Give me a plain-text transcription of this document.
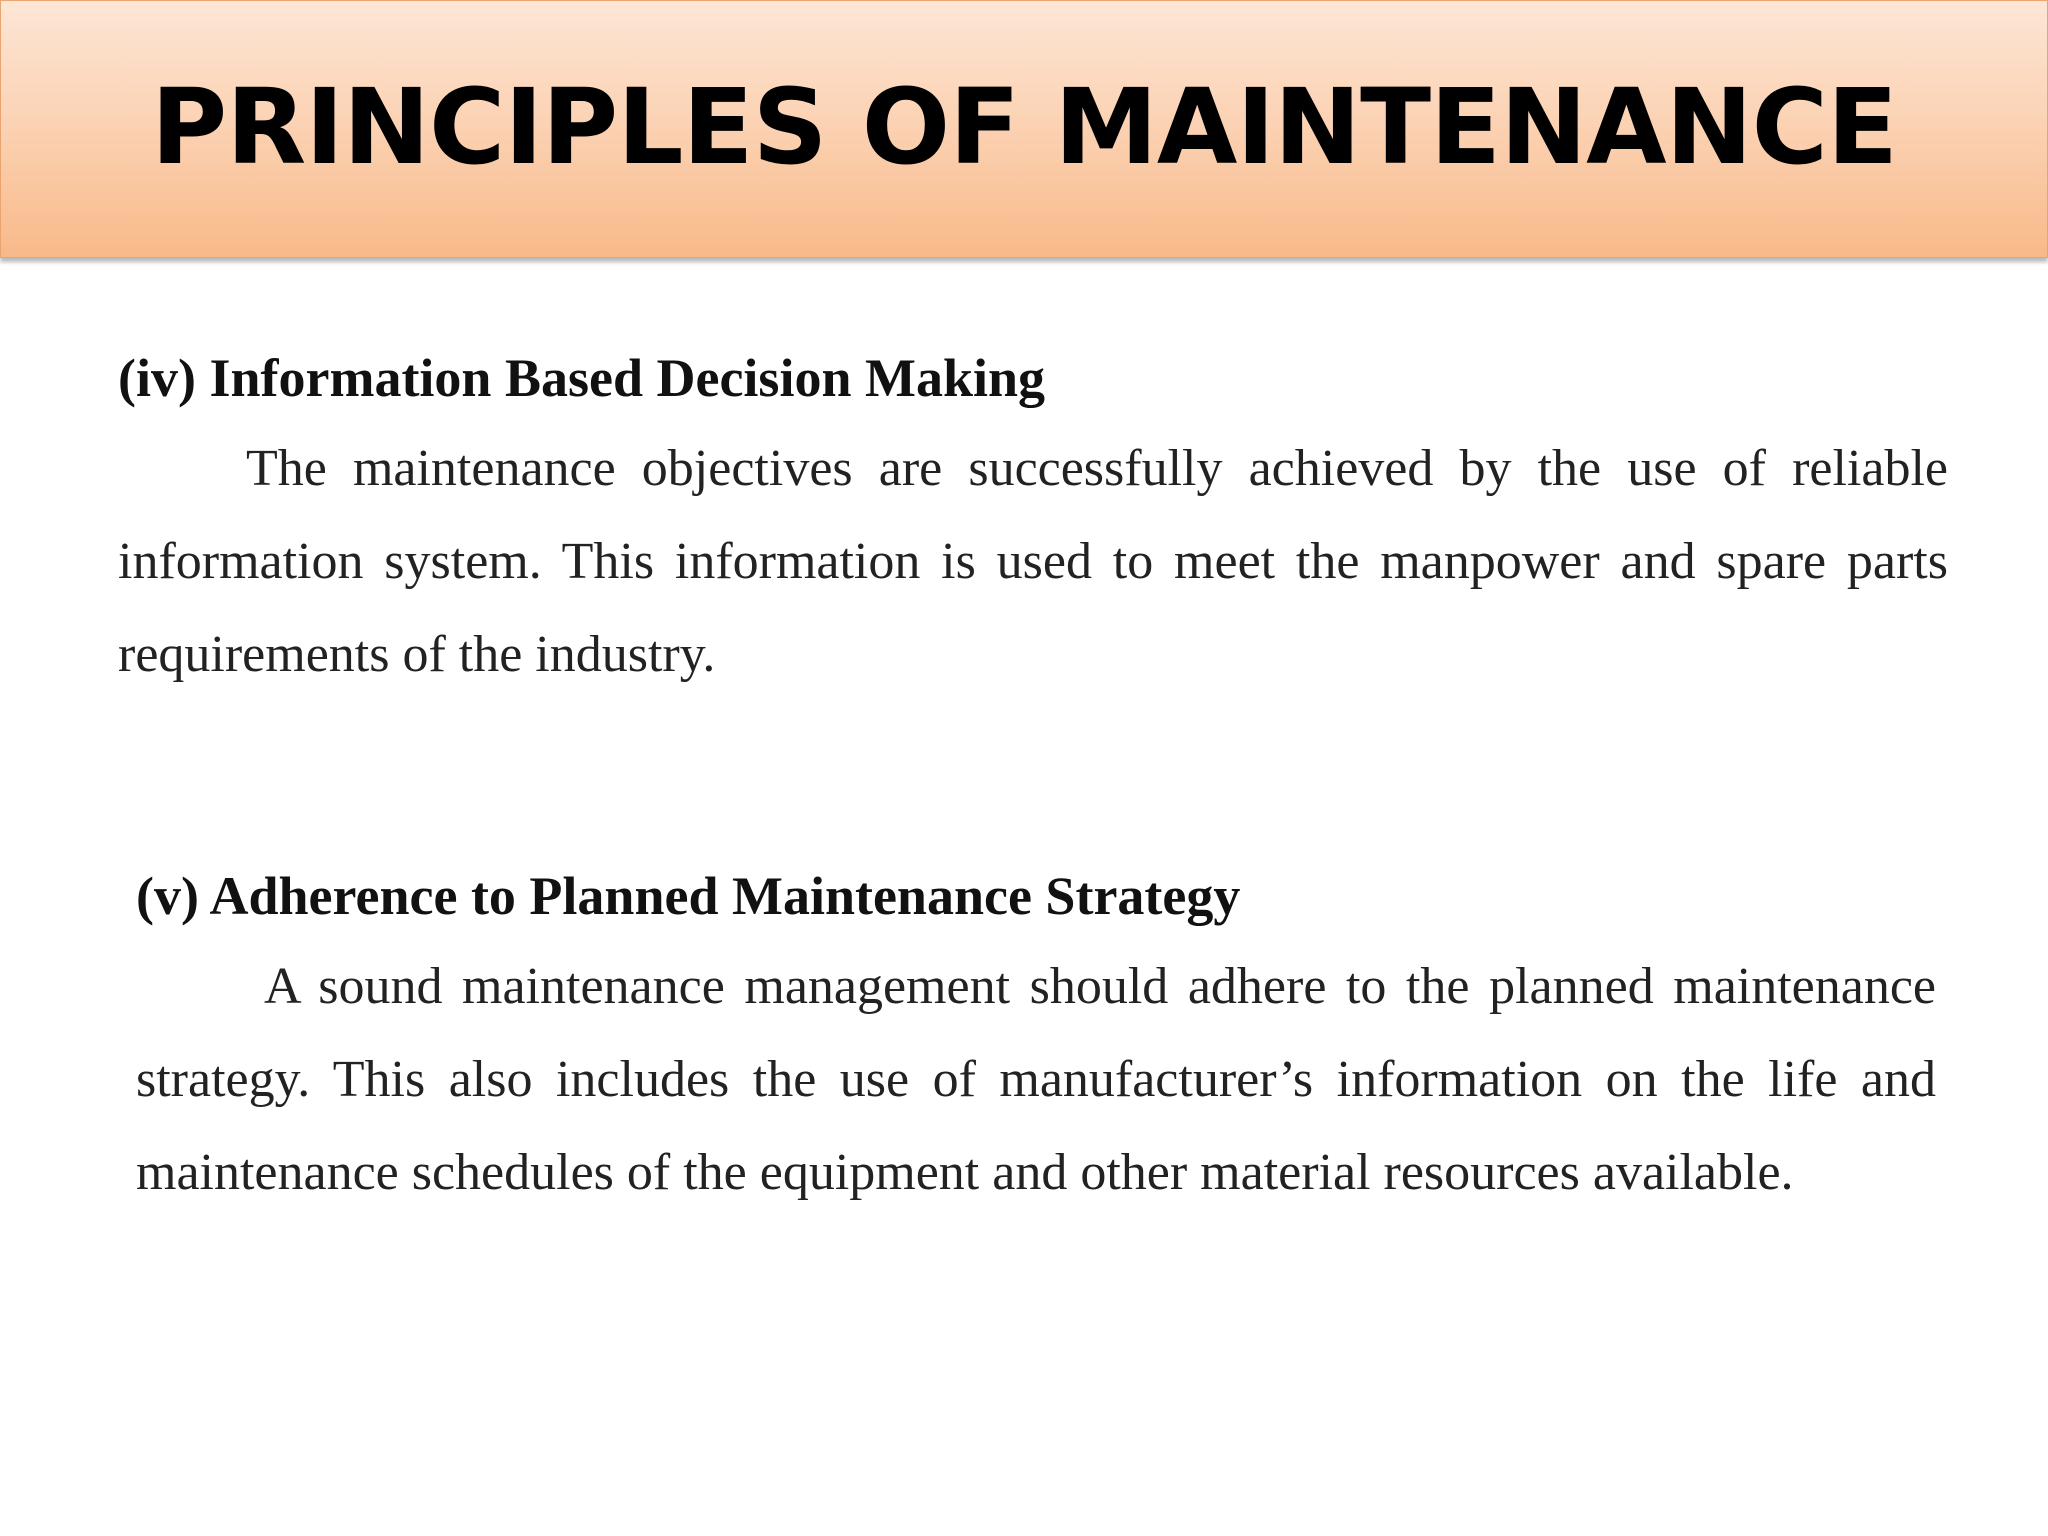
PRINCIPLES OF MAINTENANCE
(iv) Information Based Decision Making

The maintenance objectives are successfully achieved by the use of reliable information system. This information is used to meet the manpower and spare parts requirements of the industry.

(v) Adherence to Planned Maintenance Strategy

A sound maintenance management should adhere to the planned maintenance strategy. This also includes the use of manufacturer’s information on the life and maintenance schedules of the equipment and other material resources available.
